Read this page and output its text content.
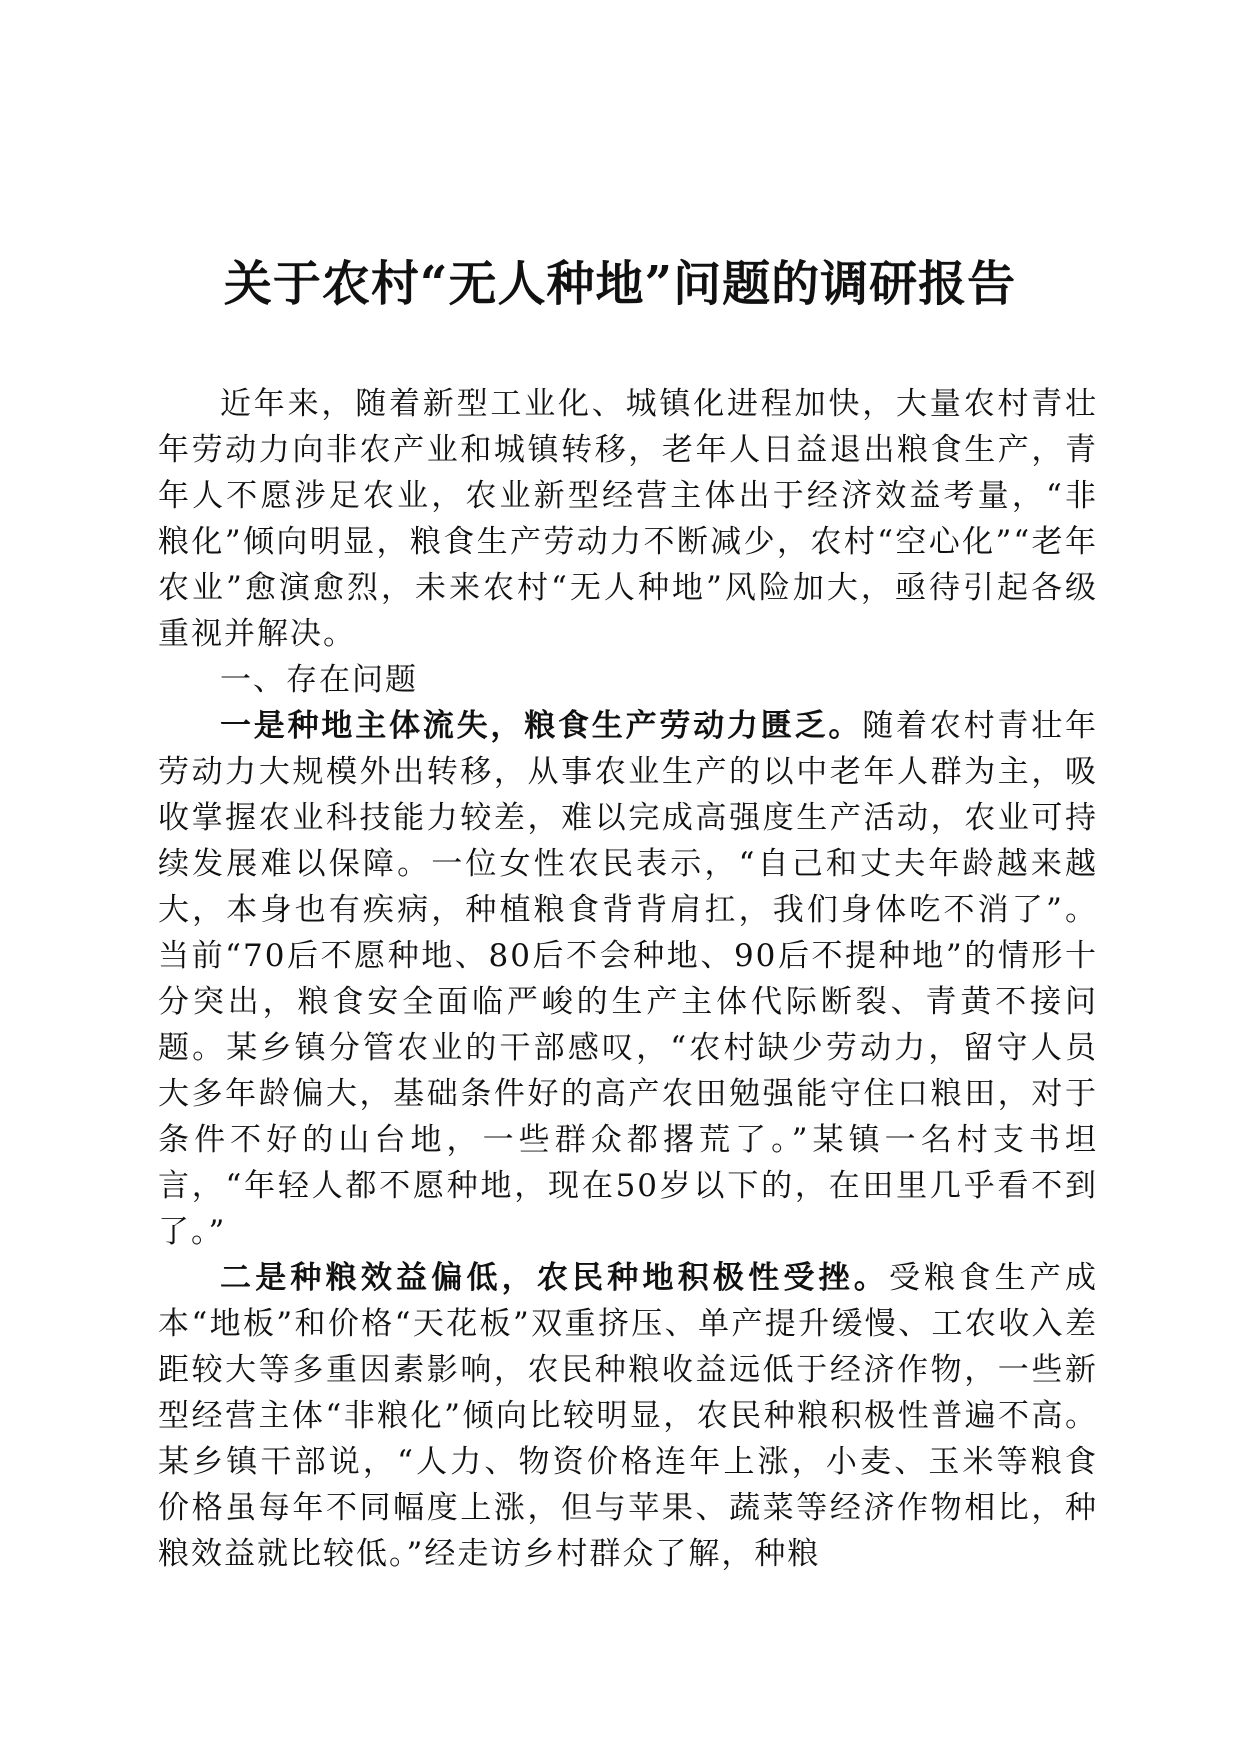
关于农村“无人种地”问题的调研报告

近年来，随着新型工业化、城镇化进程加快，大量农村青壮年劳动力向非农产业和城镇转移，老年人日益退出粮食生产，青年人不愿涉足农业，农业新型经营主体出于经济效益考量，“非粮化”倾向明显，粮食生产劳动力不断减少，农村“空心化”“老年农业”愈演愈烈，未来农村“无人种地”风险加大，亟待引起各级重视并解决。

一、存在问题

一是种地主体流失，粮食生产劳动力匮乏。随着农村青壮年劳动力大规模外出转移，从事农业生产的以中老年人群为主，吸收掌握农业科技能力较差，难以完成高强度生产活动，农业可持续发展难以保障。一位女性农民表示，“自己和丈夫年龄越来越大，本身也有疾病，种植粮食背背肩扛，我们身体吃不消了”。当前“70后不愿种地、80后不会种地、90后不提种地”的情形十分突出，粮食安全面临严峻的生产主体代际断裂、青黄不接问题。某乡镇分管农业的干部感叹，“农村缺少劳动力，留守人员大多年龄偏大，基础条件好的高产农田勉强能守住口粮田，对于条件不好的山台地，一些群众都撂荒了。”某镇一名村支书坦言，“年轻人都不愿种地，现在50岁以下的，在田里几乎看不到了。”

二是种粮效益偏低，农民种地积极性受挫。受粮食生产成本“地板”和价格“天花板”双重挤压、单产提升缓慢、工农收入差距较大等多重因素影响，农民种粮收益远低于经济作物，一些新型经营主体“非粮化”倾向比较明显，农民种粮积极性普遍不高。某乡镇干部说，“人力、物资价格连年上涨，小麦、玉米等粮食价格虽每年不同幅度上涨，但与苹果、蔬菜等经济作物相比，种粮效益就比较低。”经走访乡村群众了解，种粮
